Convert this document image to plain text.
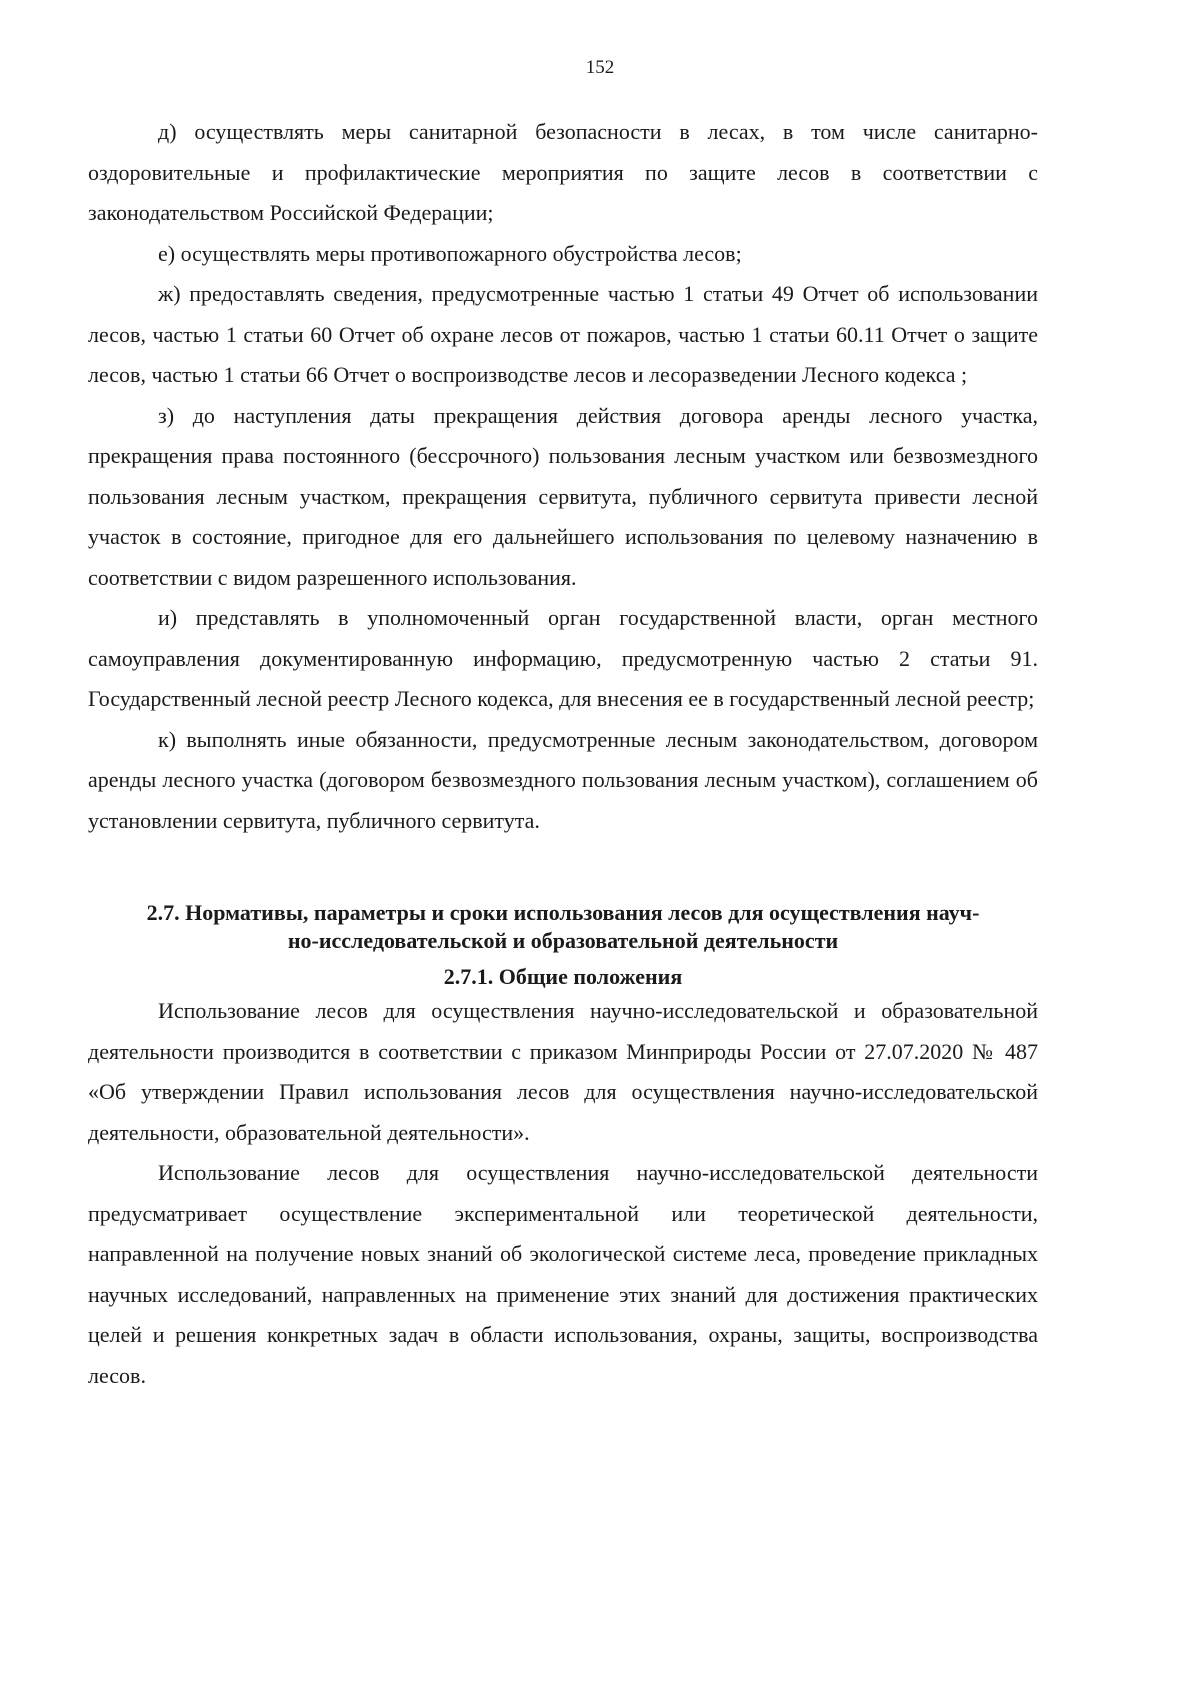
152

д) осуществлять меры санитарной безопасности в лесах, в том числе санитарно-оздоровительные и профилактические мероприятия по защите лесов в соответствии с законодательством Российской Федерации;

е) осуществлять меры противопожарного обустройства лесов;

ж) предоставлять сведения, предусмотренные частью 1 статьи 49 Отчет об использовании лесов, частью 1 статьи 60 Отчет об охране лесов от пожаров, частью 1 статьи 60.11 Отчет о защите лесов, частью 1 статьи 66 Отчет о воспроизводстве лесов и лесоразведении Лесного кодекса ;

з) до наступления даты прекращения действия договора аренды лесного участка, прекращения права постоянного (бессрочного) пользования лесным участком или безвозмездного пользования лесным участком, прекращения сервитута, публичного сервитута привести лесной участок в состояние, пригодное для его дальнейшего использования по целевому назначению в соответствии с видом разрешенного использования.

и) представлять в уполномоченный орган государственной власти, орган местного самоуправления документированную информацию, предусмотренную частью 2 статьи 91. Государственный лесной реестр Лесного кодекса, для внесения ее в государственный лесной реестр;

к) выполнять иные обязанности, предусмотренные лесным законодательством, договором аренды лесного участка (договором безвозмездного пользования лесным участком), соглашением об установлении сервитута, публичного сервитута.

2.7. Нормативы, параметры и сроки использования лесов для осуществления науч-
но-исследовательской и образовательной деятельности
2.7.1. Общие положения

Использование лесов для осуществления научно-исследовательской и образовательной деятельности производится в соответствии с приказом Минприроды России от 27.07.2020 № 487 «Об утверждении Правил использования лесов для осуществления научно-исследовательской деятельности, образовательной деятельности».

Использование лесов для осуществления научно-исследовательской деятельности предусматривает осуществление экспериментальной или теоретической деятельности, направленной на получение новых знаний об экологической системе леса, проведение прикладных научных исследований, направленных на применение этих знаний для достижения практических целей и решения конкретных задач в области использования, охраны, защиты, воспроизводства лесов.
